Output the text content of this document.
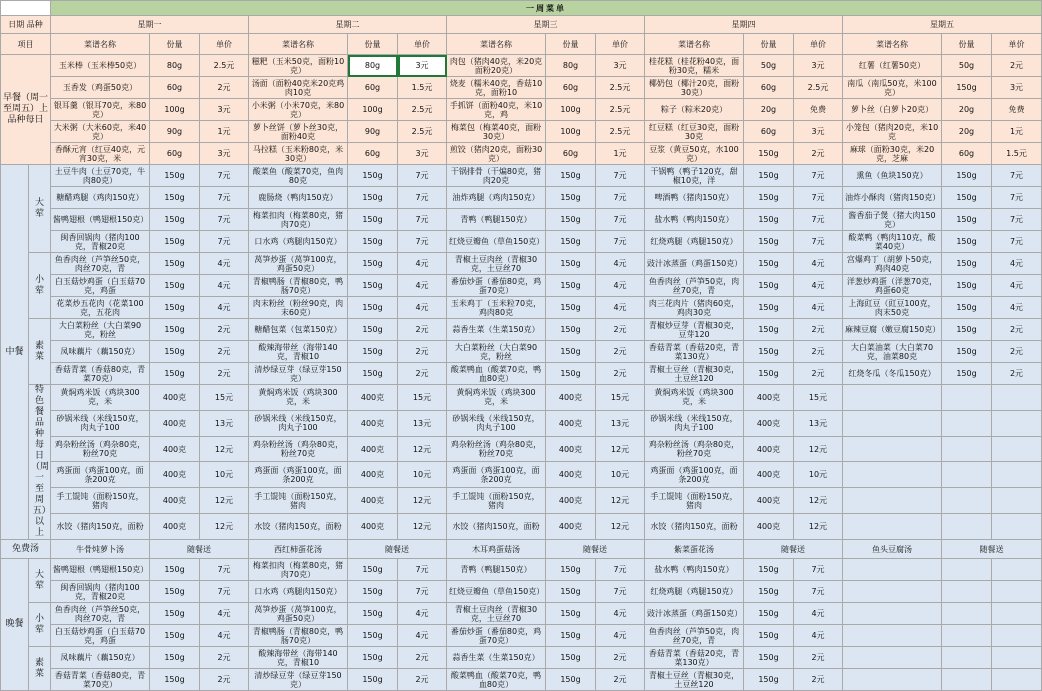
		一周菜单														
日期 品种		星期一			星期二			星期三			星期四			星期五		
项目		菜谱名称	份量	单价	菜谱名称	份量	单价	菜谱名称	份量	单价	菜谱名称	份量	单价	菜谱名称	份量	单价
早餐（周一至周五）上品种每日		玉米棒（玉米棒50克）	80g	2.5元	糍粑（玉米50克，面粉10克）	80g	3元	肉包（猪肉40克，米20克面粉20克）	80g	3元	桂花糕（桂花粉40克，面粉30克，糯米	50g	3元	红薯（红薯50克）	50g	2元
		玉香发（鸡蛋50克）	60g	2元	汤面（面粉40克米20克鸡肉10克	60g	1.5元	烧麦（糯米40克，香菇10克，面粉10	60g	2.5元	椰奶包（椰汁20克，面粉30克）	60g	2.5元	南瓜（南瓜50克，米100克）	150g	3元
		银耳羹（银耳70克，米80克）	100g	3元	小米粥（小米70克，米80克）	100g	2.5元	手抓饼（面粉40克，米10克，鸡	100g	2.5元	粽子（粽米20克）	20g	免费	萝卜丝（白萝卜20克）	20g	免费
		大米粥（大米60克，米40克）	90g	1元	萝卜丝饼（萝卜丝30克，面粉40克	90g	2.5元	梅菜包（梅菜40克，面粉30克）	100g	2.5元	红豆糕（红豆30克，面粉30克	60g	3元	小笼包（猪肉20克，米10克	20g	1元
		香酥元宵（红豆40克，元宵30克，米	60g	3元	马拉糕（玉米粉80克，米30克）	60g	3元	煎饺（猪肉20克，面粉30克）	60g	1元	豆浆（黄豆50克，水100克）	150g	2元	麻球（面粉30克，米20克，芝麻	60g	1.5元
中餐	大荤	土豆牛肉（土豆70克，牛肉80克）	150g	7元	酸菜鱼（酸菜70克，鱼肉80克	150g	7元	干锅排骨（干煸80克，猪肉20克	150g	7元	干锅鸭（鸭子120克，甜椒10克，洋	150g	7元	熏鱼（鱼块150克）	150g	7元
		糖醋鸡腿（鸡肉150克）	150g	7元	鹿肠烧（鸭肉150克）	150g	7元	油炸鸡腿（鸡肉150克）	150g	7元	啤酒鸭（猪肉150克）	150g	7元	油炸小酥肉（猪肉150克）	150g	7元
		酱鸭翅根（鸭翅根150克）	150g	7元	梅菜扣肉（梅菜80克，猪肉70克）	150g	7元	青鸭（鸭腿150克）	150g	7元	盐水鸭（鸭肉150克）	150g	7元	酱香茄子煲（猪大肉150克）	150g	7元
		闽香回锅肉（猪肉100克，青椒20克	150g	7元	口水鸡（鸡腿肉150克）	150g	7元	红烧豆瓣鱼（草鱼150克）	150g	7元	红烧鸡腿（鸡腿150克）	150g	7元	酸菜鸭（鸭肉110克，酸菜40克）	150g	7元
	小荤	鱼香肉丝（芦笋丝50克，肉丝70克，青	150g	4元	莴笋炒蛋（莴笋100克，鸡蛋50克）	150g	4元	青椒土豆肉丝（青椒30克，土豆丝70	150g	4元	豉汁冰蒸蛋（鸡蛋150克）	150g	4元	宫爆鸡丁（胡萝卜50克，鸡肉40克	150g	4元
		白玉菇炒鸡蛋（白玉菇70克，鸡蛋	150g	4元	青椒鸭肠（青椒80克，鸭肠70克）	150g	4元	番茄炒蛋（番茄80克，鸡蛋70克）	150g	4元	鱼香肉丝（芦笋50克，肉丝70克，青	150g	4元	洋葱炒鸡蛋（洋葱70克，鸡蛋60克	150g	4元
		花菜炒五花肉（花菜100克，五花肉	150g	4元	肉末粉丝（粉丝90克，肉末60克）	150g	4元	玉米鸡丁（玉米粒70克，鸡肉80克	150g	4元	肉三花肉片（猪肉60克，鸡肉30克	150g	4元	上海豇豆（豇豆100克，肉末50克	150g	4元
	素菜	大白菜粉丝（大白菜90克，粉丝	150g	2元	糖醋包菜（包菜150克）	150g	2元	蒜香生菜（生菜150克）	150g	2元	青椒炒豆芽（青椒30克，豆芽120	150g	2元	麻辣豆腐（嫩豆腐150克）	150g	2元
		凤味藕片（藕150克）	150g	2元	酸辣海带丝（海带140克，青椒10	150g	2元	大白菜粉丝（大白菜90克，粉丝	150g	2元	香菇青菜（香菇20克，青菜130克）	150g	2元	大白菜油菜（大白菜70克，油菜80克	150g	2元
		香菇青菜（香菇80克，青菜70克）	150g	2元	清炒绿豆芽（绿豆芽150克）	150g	2元	酸菜鸭血（酸菜70克，鸭血80克）	150g	2元	青椒土豆丝（青椒30克，土豆丝120	150g	2元	红烧冬瓜（冬瓜150克）	150g	2元
	特色餐品种每日（周一至周五）以上	黄焖鸡米饭（鸡块300克，米	400克	15元	黄焖鸡米饭（鸡块300克，米	400克	15元	黄焖鸡米饭（鸡块300克，米	400克	15元	黄焖鸡米饭（鸡块300克，米	400克	15元			
		砂锅米线（米线150克，肉丸子100	400克	13元	砂锅米线（米线150克，肉丸子100	400克	13元	砂锅米线（米线150克，肉丸子100	400克	13元	砂锅米线（米线150克，肉丸子100	400克	13元			
		鸡杂粉丝汤（鸡杂80克，粉丝70克	400克	12元	鸡杂粉丝汤（鸡杂80克，粉丝70克	400克	12元	鸡杂粉丝汤（鸡杂80克，粉丝70克	400克	12元	鸡杂粉丝汤（鸡杂80克，粉丝70克	400克	12元			
		鸡蛋面（鸡蛋100克，面条200克	400克	10元	鸡蛋面（鸡蛋100克，面条200克	400克	10元	鸡蛋面（鸡蛋100克，面条200克	400克	10元	鸡蛋面（鸡蛋100克，面条200克	400克	10元			
		手工馄饨（面粉150克，猪肉	400克	12元	手工馄饨（面粉150克，猪肉	400克	12元	手工馄饨（面粉150克，猪肉	400克	12元	手工馄饨（面粉150克，猪肉	400克	12元			
		水饺（猪肉150克，面粉	400克	12元	水饺（猪肉150克，面粉	400克	12元	水饺（猪肉150克，面粉	400克	12元	水饺（猪肉150克，面粉	400克	12元			
免费汤		牛骨炖萝卜汤	随餐送		西红柿蛋花汤	随餐送		木耳鸡蛋菇汤	随餐送		紫菜蛋花汤	随餐送		鱼头豆腐汤	随餐送	
晚餐	大荤	酱鸭翅根（鸭翅根150克）	150g	7元	梅菜扣肉（梅菜80克，猪肉70克）	150g	7元	青鸭（鸭腿150克）	150g	7元	盐水鸭（鸭肉150克）	150g	7元			
		闽香回锅肉（猪肉100克，青椒20克	150g	7元	口水鸡（鸡腿肉150克）	150g	7元	红烧豆瓣鱼（草鱼150克）	150g	7元	红烧鸡腿（鸡腿150克）	150g	7元			
	小荤	鱼香肉丝（芦笋丝50克，肉丝70克，青	150g	4元	莴笋炒蛋（莴笋100克，鸡蛋50克）	150g	4元	青椒土豆肉丝（青椒30克，土豆丝70	150g	4元	豉汁冰蒸蛋（鸡蛋150克）	150g	4元			
		白玉菇炒鸡蛋（白玉菇70克，鸡蛋	150g	4元	青椒鸭肠（青椒80克，鸭肠70克）	150g	4元	番茄炒蛋（番茄80克，鸡蛋70克）	150g	4元	鱼香肉丝（芦笋50克，肉丝70克，青	150g	4元			
	素菜	凤味藕片（藕150克）	150g	2元	酸辣海带丝（海带140克，青椒10	150g	2元	蒜香生菜（生菜150克）	150g	2元	香菇青菜（香菇20克，青菜130克）	150g	2元			
		香菇青菜（香菇80克，青菜70克）	150g	2元	清炒绿豆芽（绿豆芽150克）	150g	2元	酸菜鸭血（酸菜70克，鸭血80克）	150g	2元	青椒土豆丝（青椒30克，土豆丝120	150g	2元			
